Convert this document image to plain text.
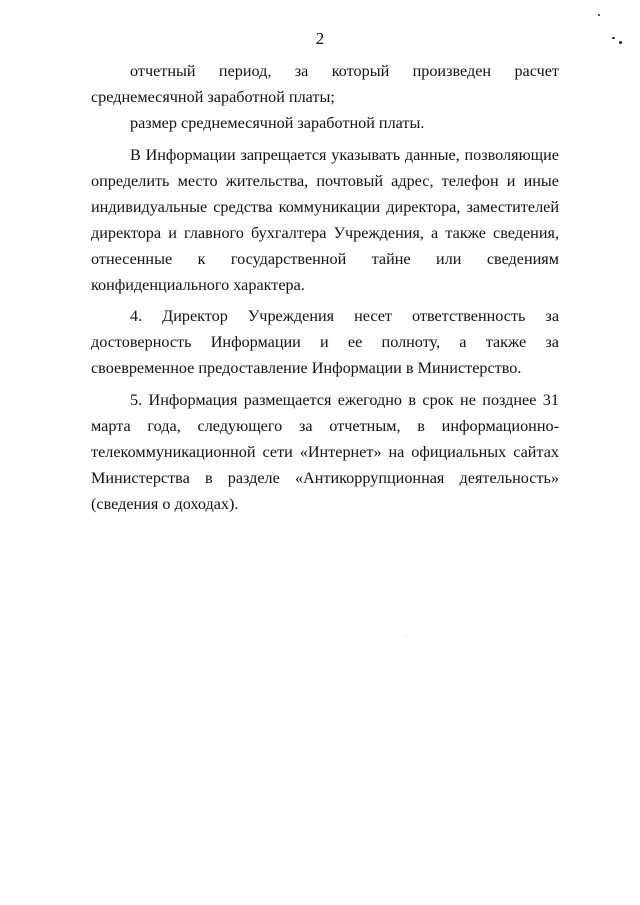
2

отчетный период, за который произведен расчет среднемесячной заработной платы;

размер среднемесячной заработной платы.

В Информации запрещается указывать данные, позволяющие определить место жительства, почтовый адрес, телефон и иные индивидуальные средства коммуникации директора, заместителей директора и главного бухгалтера Учреждения, а также сведения, отнесенные к государственной тайне или сведениям конфиденциального характера.

4. Директор Учреждения несет ответственность за достоверность Информации и ее полноту, а также за своевременное предоставление Информации в Министерство.

5. Информация размещается ежегодно в срок не позднее 31 марта года, следующего за отчетным, в информационно-телекоммуникационной сети «Интернет» на официальных сайтах Министерства в разделе «Антикоррупционная деятельность» (сведения о доходах).
